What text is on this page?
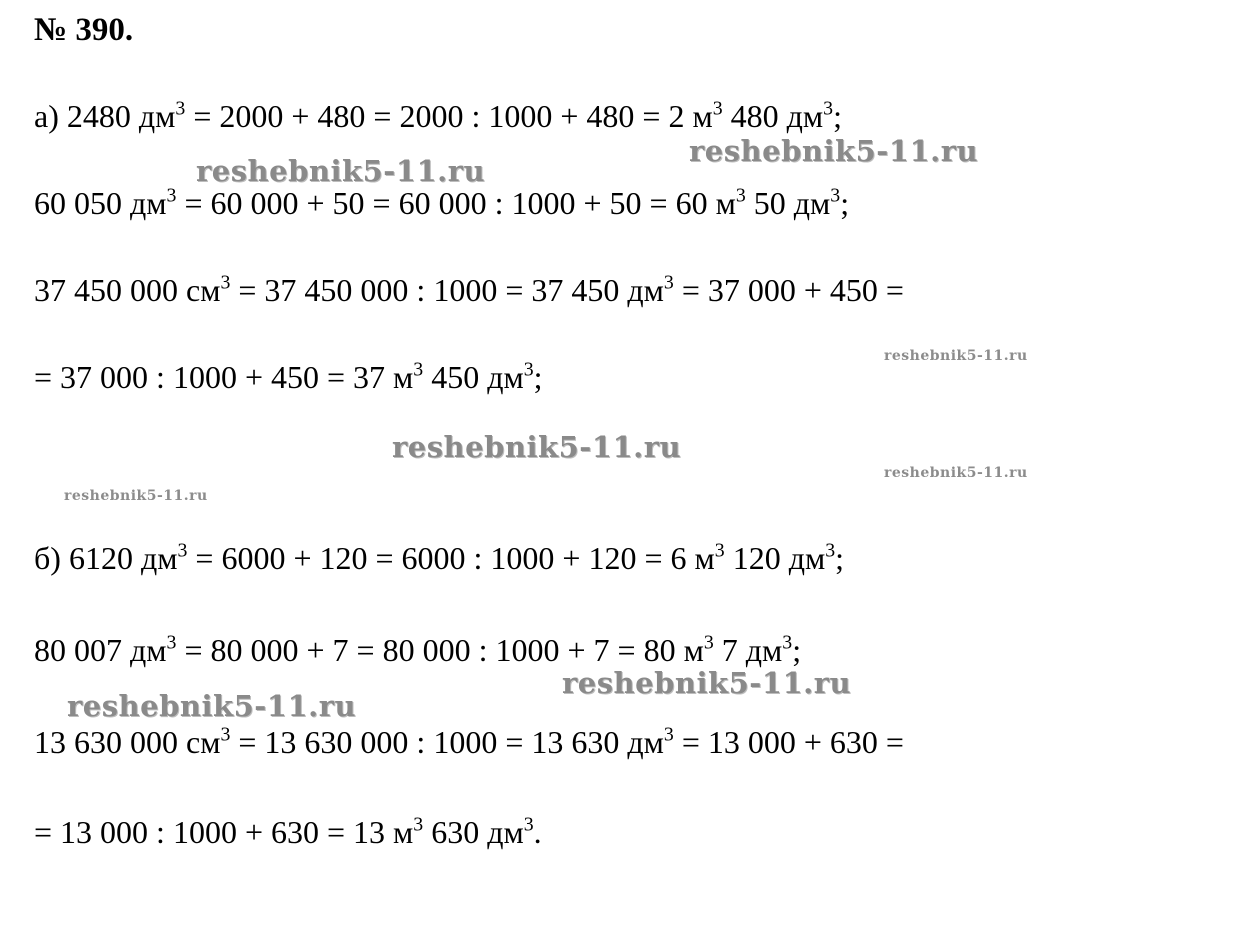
№ 390.
а) 2480 $дм^3 = 2000 + 480 = 2000$ : 1000 + 480 = 2 $м^3$ 480 $дм^3$;
60 050 $дм^3 = 60$ 000 + 50 = 60 000 : 1000 + 50 = 60 $м^3$ 50 $дм^3$;
37 450 000 $см^3 = 37$ 450 000 : 1000 = 37 450 $дм^3 = 37$ 000 + 450 =
= 37 000 : 1000 + 450 = 37 $м^3$ 450 $дм^3$;
б) 6120 $дм^3 = 6000 + 120 = 6000$ : 1000 + 120 = 6 $м^3$ 120 $дм^3$;
80 007 $дм^3 = 80$ 000 + 7 = 80 000 : 1000 + 7 = 80 $м^3$ 7 $дм^3$;
13 630 000 $см^3 = 13$ 630 000 : 1000 = 13 630 $дм^3 = 13$ 000 + 630 =
= 13 000 : 1000 + 630 = 13 $м^3$ 630 $дм^3$.
reshebnik5-11.ru
reshebnik5-11.ru
reshebnik5-11.ru
reshebnik5-11.ru
reshebnik5-11.ru
reshebnik5-11.ru
reshebnik5-11.ru
reshebnik5-11.ru
